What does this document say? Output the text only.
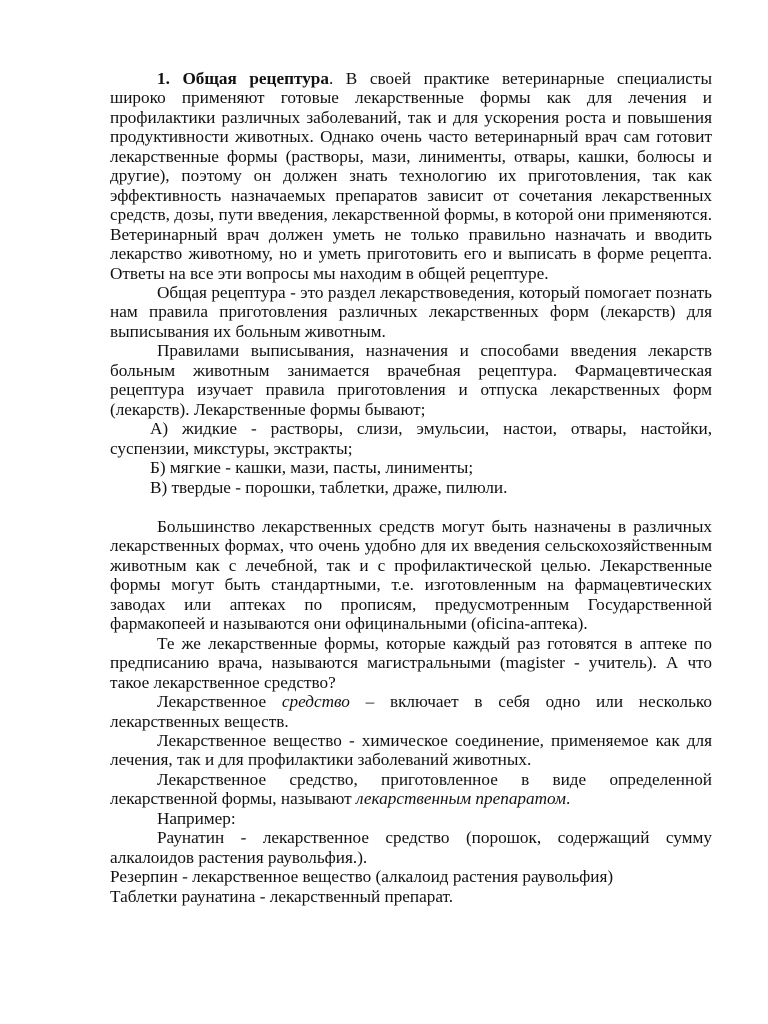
1. Общая рецептура. В своей практике ветеринарные специалисты широко применяют готовые лекарственные формы как для лечения и профилактики различных заболеваний, так и для ускорения роста и повышения продуктивности животных. Однако очень часто ветеринарный врач сам готовит лекарственные формы (растворы, мази, линименты, отвары, кашки, болюсы и другие), поэтому он должен знать технологию их приготовления, так как эффективность назначаемых препаратов зависит от сочетания лекарственных средств, дозы, пути введения, лекарственной формы, в которой они применяются. Ветеринарный врач должен уметь не только правильно назначать и вводить лекарство животному, но и уметь приготовить его и выписать в форме рецепта. Ответы на все эти вопросы мы находим в общей рецептуре.

Общая рецептура - это раздел лекарствоведения, который помогает познать нам правила приготовления различных лекарственных форм (лекарств) для выписывания их больным животным.

Правилами выписывания, назначения и способами введения лекарств больным животным занимается врачебная рецептура. Фармацевтическая рецептура изучает правила приготовления и отпуска лекарственных форм (лекарств). Лекарственные формы бывают;

А) жидкие - растворы, слизи, эмульсии, настои, отвары, настойки, суспензии, микстуры, экстракты;

Б) мягкие - кашки, мази, пасты, линименты;

В) твердые - порошки, таблетки, драже, пилюли.

Большинство лекарственных средств могут быть назначены в различных лекарственных формах, что очень удобно для их введения сельскохозяйственным животным как с лечебной, так и с профилактической целью. Лекарственные формы могут быть стандартными, т.е. изготовленным на фармацевтических заводах или аптеках по прописям, предусмотренным Государственной фармакопеей и называются они официнальными (oficina-аптека).

Те же лекарственные формы, которые каждый раз готовятся в аптеке по предписанию врача, называются магистральными (magister - учитель). А что такое лекарственное средство?

Лекарственное средство – включает в себя одно или несколько лекарственных веществ.

Лекарственное вещество - химическое соединение, применяемое как для лечения, так и для профилактики заболеваний животных.

Лекарственное средство, приготовленное в виде определенной лекарственной формы, называют лекарственным препаратом.

Например:

Раунатин - лекарственное средство (порошок, содержащий сумму алкалоидов растения раувольфия.).

Резерпин - лекарственное вещество (алкалоид растения раувольфия)

Таблетки раунатина - лекарственный препарат.
